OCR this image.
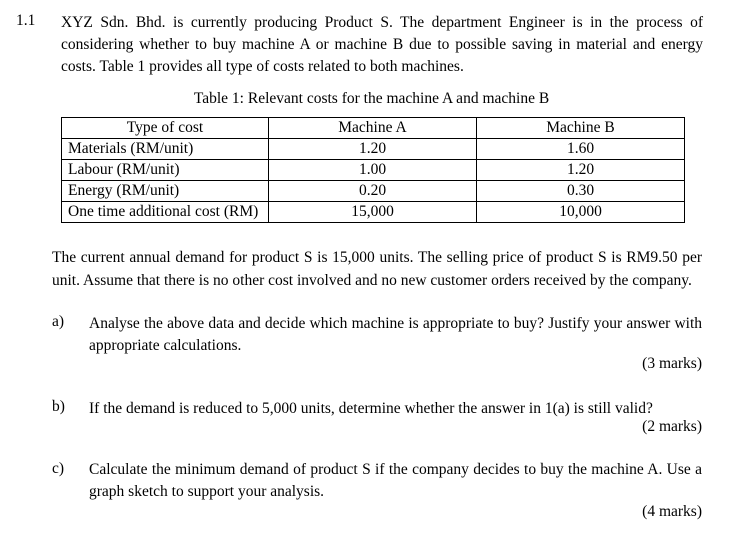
1.1 XYZ Sdn. Bhd. is currently producing Product S. The department Engineer is in the process of considering whether to buy machine A or machine B due to possible saving in material and energy costs. Table 1 provides all type of costs related to both machines.
Table 1: Relevant costs for the machine A and machine B
Type of cost	Machine A	Machine B
Materials (RM/unit)	1.20	1.60
Labour (RM/unit)	1.00	1.20
Energy (RM/unit)	0.20	0.30
One time additional cost (RM)	15,000	10,000
The current annual demand for product S is 15,000 units. The selling price of product S is RM9.50 per unit. Assume that there is no other cost involved and no new customer orders received by the company.
a) Analyse the above data and decide which machine is appropriate to buy? Justify your answer with appropriate calculations.
(3 marks)
b) If the demand is reduced to 5,000 units, determine whether the answer in 1(a) is still valid?
(2 marks)
c) Calculate the minimum demand of product S if the company decides to buy the machine A. Use a graph sketch to support your analysis.
(4 marks)
